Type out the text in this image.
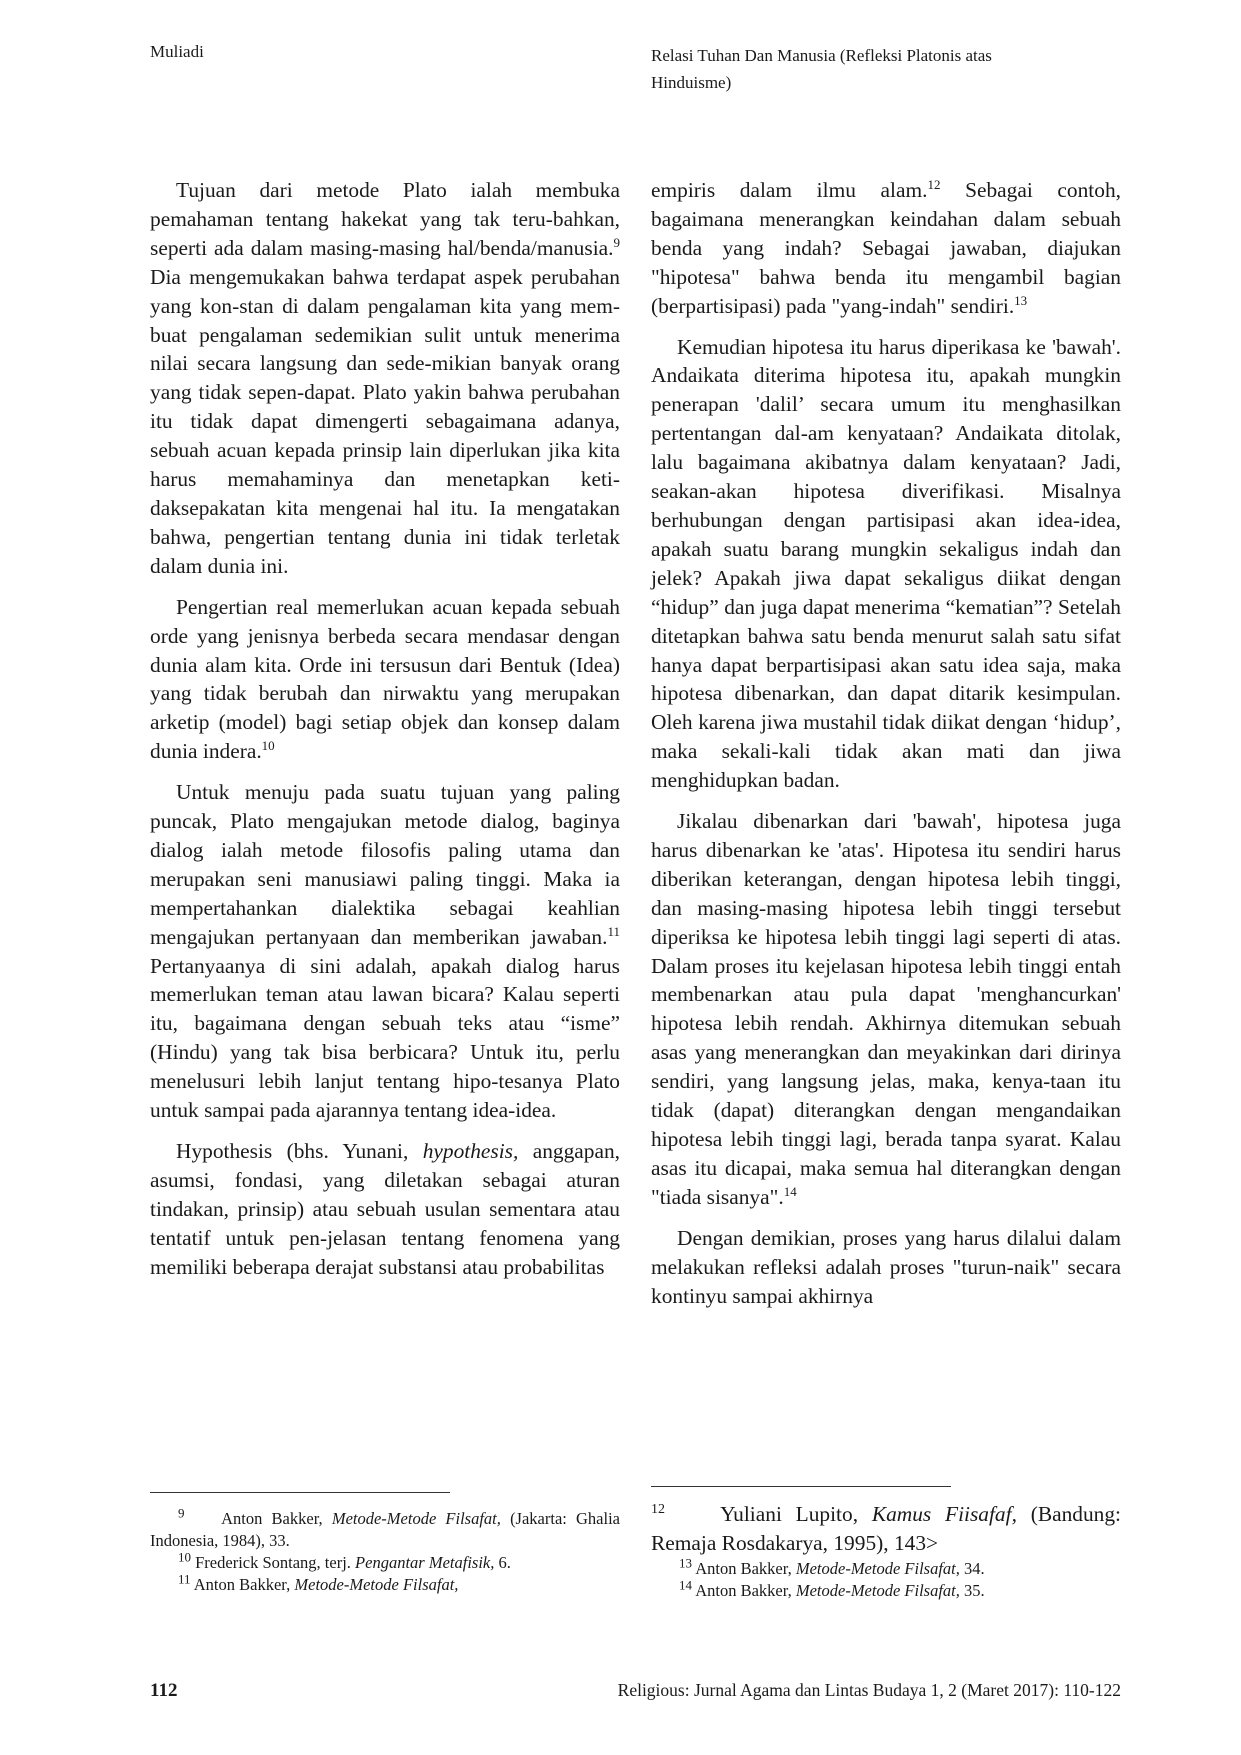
Muliadi	Relasi Tuhan Dan Manusia (Refleksi Platonis atas
Hinduisme)

Tujuan dari metode Plato ialah membuka pemahaman tentang hakekat yang tak teru-bahkan, seperti ada dalam masing-masing hal/benda/manusia.$^9$ Dia mengemukakan bahwa terdapat aspek perubahan yang kon-stan di dalam pengalaman kita yang mem-buat pengalaman sedemikian sulit untuk menerima nilai secara langsung dan sede-mikian banyak orang yang tidak sepen-dapat. Plato yakin bahwa perubahan itu tidak dapat dimengerti sebagaimana adanya, sebuah acuan kepada prinsip lain diperlukan jika kita harus memahaminya dan menetapkan keti-daksepakatan kita mengenai hal itu. Ia mengatakan bahwa, pengertian tentang dunia ini tidak terletak dalam dunia ini.

Pengertian real memerlukan acuan kepada sebuah orde yang jenisnya berbeda secara mendasar dengan dunia alam kita. Orde ini tersusun dari Bentuk (Idea) yang tidak berubah dan nirwaktu yang merupakan arketip (model) bagi setiap objek dan konsep dalam dunia indera.$^{10}$

Untuk menuju pada suatu tujuan yang paling puncak, Plato mengajukan metode dialog, baginya dialog ialah metode filosofis paling utama dan merupakan seni manusiawi paling tinggi. Maka ia mempertahankan dialektika sebagai keahlian mengajukan pertanyaan dan memberikan jawaban.$^{11}$ Pertanyaanya di sini adalah, apakah dialog harus memerlukan teman atau lawan bicara? Kalau seperti itu, bagaimana dengan sebuah teks atau “isme” (Hindu) yang tak bisa berbicara? Untuk itu, perlu menelusuri lebih lanjut tentang hipo-tesanya Plato untuk sampai pada ajarannya tentang idea-idea.

Hypothesis (bhs. Yunani, hypothesis, anggapan, asumsi, fondasi, yang diletakan sebagai aturan tindakan, prinsip) atau sebuah usulan sementara atau tentatif untuk pen-jelasan tentang fenomena yang memiliki beberapa derajat substansi atau probabilitas

empiris dalam ilmu alam.$^{12}$ Sebagai contoh, bagaimana menerangkan keindahan dalam sebuah benda yang indah? Sebagai jawaban, diajukan "hipotesa" bahwa benda itu mengambil bagian (berpartisipasi) pada "yang-indah" sendiri.$^{13}$

Kemudian hipotesa itu harus diperikasa ke 'bawah'. Andaikata diterima hipotesa itu, apakah mungkin penerapan 'dalil’ secara umum itu menghasilkan pertentangan dal-am kenyataan? Andaikata ditolak, lalu bagaimana akibatnya dalam kenyataan? Jadi, seakan-akan hipotesa diverifikasi. Misalnya berhubungan dengan partisipasi akan idea-idea, apakah suatu barang mungkin sekaligus indah dan jelek? Apakah jiwa dapat sekaligus diikat dengan “hidup” dan juga dapat menerima “kematian”? Setelah ditetapkan bahwa satu benda menurut salah satu sifat hanya dapat berpartisipasi akan satu idea saja, maka hipotesa dibenarkan, dan dapat ditarik kesimpulan. Oleh karena jiwa mustahil tidak diikat dengan ‘hidup’, maka sekali-kali tidak akan mati dan jiwa menghidupkan badan.

Jikalau dibenarkan dari 'bawah', hipotesa juga harus dibenarkan ke 'atas'. Hipotesa itu sendiri harus diberikan keterangan, dengan hipotesa lebih tinggi, dan masing-masing hipotesa lebih tinggi tersebut diperiksa ke hipotesa lebih tinggi lagi seperti di atas. Dalam proses itu kejelasan hipotesa lebih tinggi entah membenarkan atau pula dapat 'menghancurkan' hipotesa lebih rendah. Akhirnya ditemukan sebuah asas yang menerangkan dan meyakinkan dari dirinya sendiri, yang langsung jelas, maka, kenya-taan itu tidak (dapat) diterangkan dengan mengandaikan hipotesa lebih tinggi lagi, berada tanpa syarat. Kalau asas itu dicapai, maka semua hal diterangkan dengan "tiada sisanya".$^{14}$

Dengan demikian, proses yang harus dilalui dalam melakukan refleksi adalah proses "turun-naik" secara kontinyu sampai akhirnya

$^9$ Anton Bakker, Metode-Metode Filsafat, (Jakarta: Ghalia Indonesia, 1984), 33.

$^{10}$ Frederick Sontang, terj. Pengantar Metafisik, 6.

$^{11}$ Anton Bakker, Metode-Metode Filsafat,

$^{12}$	Yuliani Lupito, Kamus Fiisafaf, (Bandung: Remaja Rosdakarya, 1995), 143>

$^{13}$ Anton Bakker, Metode-Metode Filsafat, 34.

$^{14}$ Anton Bakker, Metode-Metode Filsafat, 35.

112	Religious: Jurnal Agama dan Lintas Budaya 1, 2 (Maret 2017): 110-122
